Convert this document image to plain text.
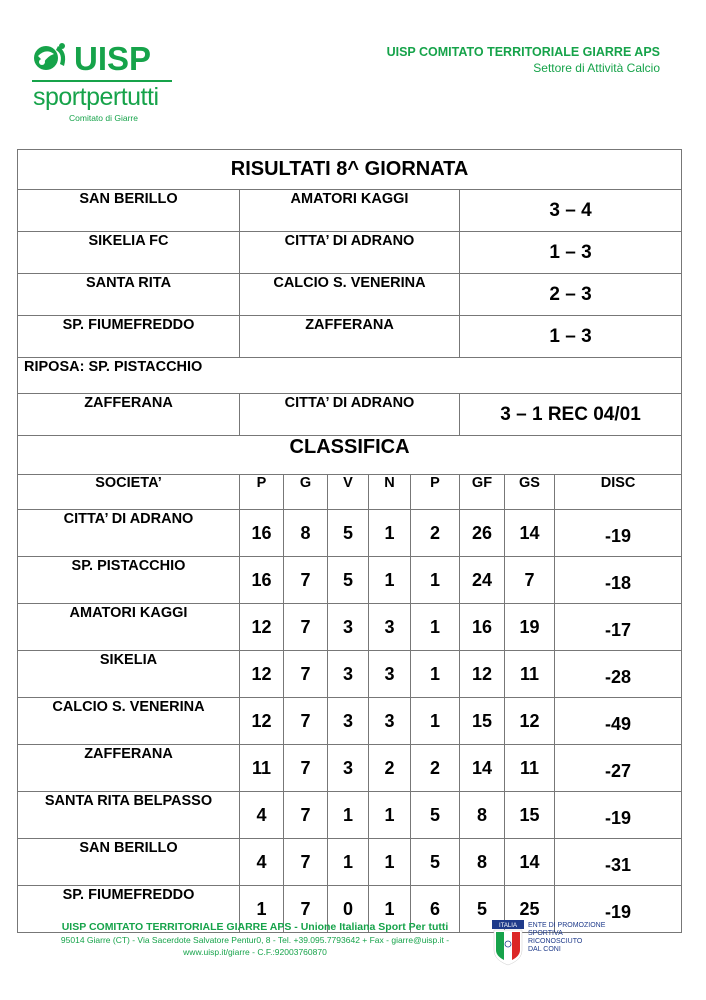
UISP
sportpertutti
Comitato di Giarre
UISP COMITATO TERRITORIALE GIARRE APS
Settore di Attività Calcio
RISULTATI 8^ GIORNATA								
SAN BERILLO	AMATORI KAGGI					3 – 4		
SIKELIA FC	CITTA’ DI ADRANO					1 – 3		
SANTA RITA	CALCIO S. VENERINA					2 – 3		
SP. FIUMEFREDDO	ZAFFERANA					1 – 3		
RIPOSA: SP. PISTACCHIO								
ZAFFERANA	CITTA’ DI ADRANO					3 – 1 REC 04/01		
CLASSIFICA								
SOCIETA’	P	G	V	N	P	GF	GS	DISC
CITTA’ DI ADRANO	16	8	5	1	2	26	14	-19
SP. PISTACCHIO	16	7	5	1	1	24	7	-18
AMATORI KAGGI	12	7	3	3	1	16	19	-17
SIKELIA	12	7	3	3	1	12	11	-28
CALCIO S. VENERINA	12	7	3	3	1	15	12	-49
ZAFFERANA	11	7	3	2	2	14	11	-27
SANTA RITA BELPASSO	4	7	1	1	5	8	15	-19
SAN BERILLO	4	7	1	1	5	8	14	-31
SP. FIUMEFREDDO	1	7	0	1	6	5	25	-19
UISP COMITATO TERRITORIALE GIARRE APS - Unione Italiana Sport Per tutti
95014 Giarre (CT) - Via Sacerdote Salvatore Pentur0, 8 - Tel. +39.095.7793642 + Fax - giarre@uisp.it - www.uisp.it/giarre - C.F.:92003760870
ITALIA ENTE DI PROMOZIONE
SPORTIVA
RICONOSCIUTO
DAL CONI
